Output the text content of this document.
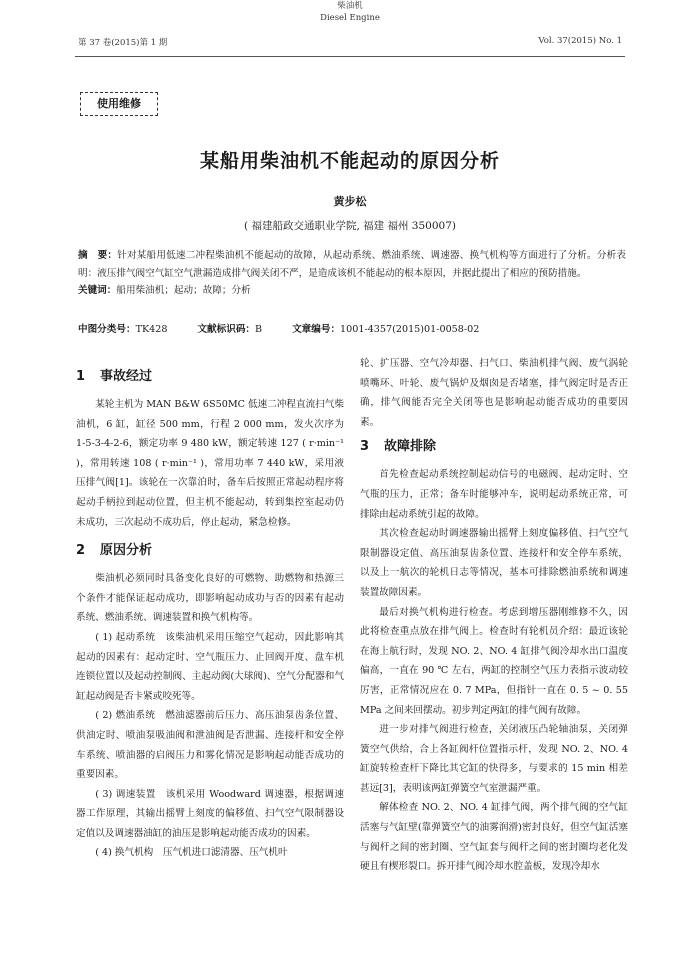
第 37 卷(2015)第 1 期
柴油机
Diesel Engine
Vol. 37(2015) No. 1
使用维修
某船用柴油机不能起动的原因分析
黄步松
( 福建船政交通职业学院, 福建 福州 350007)
摘　要：针对某船用低速二冲程柴油机不能起动的故障，从起动系统、燃油系统、调速器、换气机构等方面进行了分析。分析表明：液压排气阀空气缸空气泄漏造成排气阀关闭不严，是造成该机不能起动的根本原因，并据此提出了相应的预防措施。
关键词：船用柴油机；起动；故障；分析
中图分类号：TK428	文献标识码：B	文章编号：1001-4357(2015)01-0058-02
1 事故经过

某轮主机为 MAN B&W 6S50MC 低速二冲程直流扫气柴油机，6 缸，缸径 500 mm，行程 2 000 mm，发火次序为 1-5-3-4-2-6，额定功率 9 480 kW，额定转速 127 ( r·min⁻¹ )，常用转速 108 ( r·min⁻¹ )，常用功率 7 440 kW，采用液压排气阀[1]。该轮在一次靠泊时，备车后按照正常起动程序将起动手柄拉到起动位置，但主机不能起动，转到集控室起动仍未成功，三次起动不成功后，停止起动，紧急检修。

2 原因分析

柴油机必须同时具备变化良好的可燃物、助燃物和热源三个条件才能保证起动成功，即影响起动成功与否的因素有起动系统、燃油系统、调速装置和换气机构等。

( 1) 起动系统　该柴油机采用压缩空气起动，因此影响其起动的因素有：起动定时、空气瓶压力、止回阀开度、盘车机连锁位置以及起动控制阀、主起动阀(大球阀)、空气分配器和气缸起动阀是否卡紧或咬死等。

( 2) 燃油系统　燃油滤器前后压力、高压油泵齿条位置、供油定时、喷油泵吸油阀和泄油阀是否泄漏、连接杆和安全停车系统、喷油器的启阀压力和雾化情况是影响起动能否成功的重要因素。

( 3) 调速装置　该机采用 Woodward 调速器，根据调速器工作原理，其输出摇臂上刻度的偏移值、扫气空气限制器设定值以及调速器油缸的油压是影响起动能否成功的因素。

( 4) 换气机构　压气机进口滤清器、压气机叶

轮、扩压器、空气冷却器、扫气口、柴油机排气阀、废气涡轮喷嘴环、叶轮、废气锅炉及烟囱是否堵塞，排气阀定时是否正确，排气阀能否完全关闭等也是影响起动能否成功的重要因素。

3 故障排除

首先检查起动系统控制起动信号的电磁阀、起动定时、空气瓶的压力，正常；备车时能够冲车，说明起动系统正常，可排除由起动系统引起的故障。

其次检查起动时调速器输出摇臂上刻度偏移值、扫气空气限制器设定值、高压油泵齿条位置、连接杆和安全停车系统，以及上一航次的轮机日志等情况，基本可排除燃油系统和调速装置故障因素。

最后对换气机构进行检查。考虑到增压器刚维修不久，因此将检查重点放在排气阀上。检查时有轮机员介绍：最近该轮在海上航行时，发现 NO. 2、NO. 4 缸排气阀冷却水出口温度偏高，一直在 90 ℃ 左右，两缸的控制空气压力表指示波动较厉害，正常情况应在 0. 7 MPa，但指针一直在 0. 5 ~ 0. 55 MPa 之间来回摆动。初步判定两缸的排气阀有故障。

进一步对排气阀进行检查，关闭液压凸轮轴油泵，关闭弹簧空气供给，合上各缸阀杆位置指示杆，发现 NO. 2、NO. 4 缸旋转检查杆下降比其它缸的快得多，与要求的 15 min 相差甚远[3]，表明该两缸弹簧空气室泄漏严重。

解体检查 NO. 2、NO. 4 缸排气阀，两个排气阀的空气缸活塞与气缸壁(靠弹簧空气的油雾润滑)密封良好，但空气缸活塞与阀杆之间的密封圈、空气缸套与阀杆之间的密封圈均老化发硬且有楔形裂口。拆开排气阀冷却水腔盖板，发现冷却水
